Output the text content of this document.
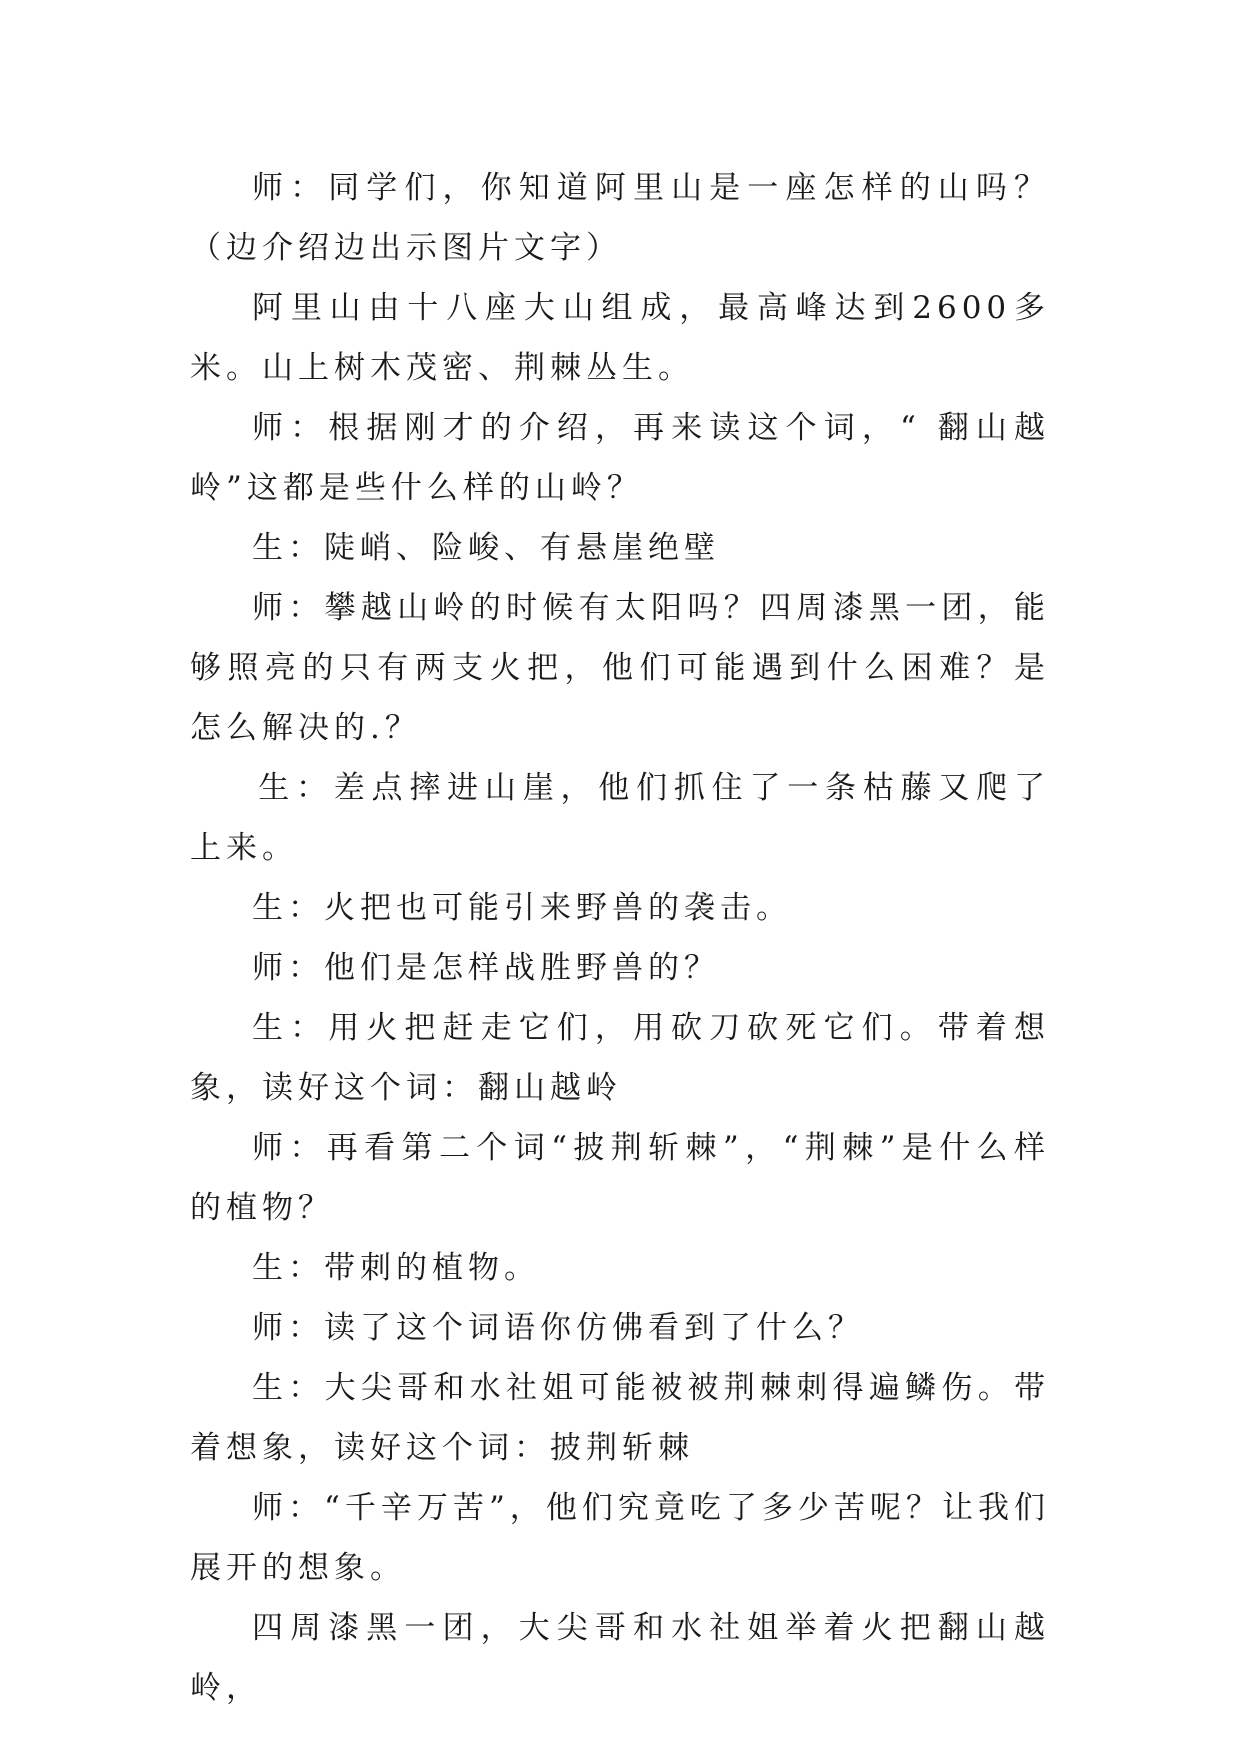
师：同学们，你知道阿里山是一座怎样的山吗？（边介绍边出示图片文字）

阿里山由十八座大山组成，最高峰达到2600多米。山上树木茂密、荆棘丛生。

师：根据刚才的介绍，再来读这个词，“ 翻山越岭”这都是些什么样的山岭？

生：陡峭、险峻、有悬崖绝壁

师：攀越山岭的时候有太阳吗？四周漆黑一团，能够照亮的只有两支火把，他们可能遇到什么困难？是怎么解决的.？

生：差点摔进山崖，他们抓住了一条枯藤又爬了上来。

生：火把也可能引来野兽的袭击。

师：他们是怎样战胜野兽的？

生：用火把赶走它们，用砍刀砍死它们。带着想象，读好这个词：翻山越岭

师：再看第二个词“披荆斩棘”，“荆棘”是什么样的植物？

生：带刺的植物。

师：读了这个词语你仿佛看到了什么？

生：大尖哥和水社姐可能被被荆棘刺得遍鳞伤。带着想象，读好这个词：披荆斩棘

师：“千辛万苦”，他们究竟吃了多少苦呢？让我们展开的想象。

四周漆黑一团，大尖哥和水社姐举着火把翻山越岭，
